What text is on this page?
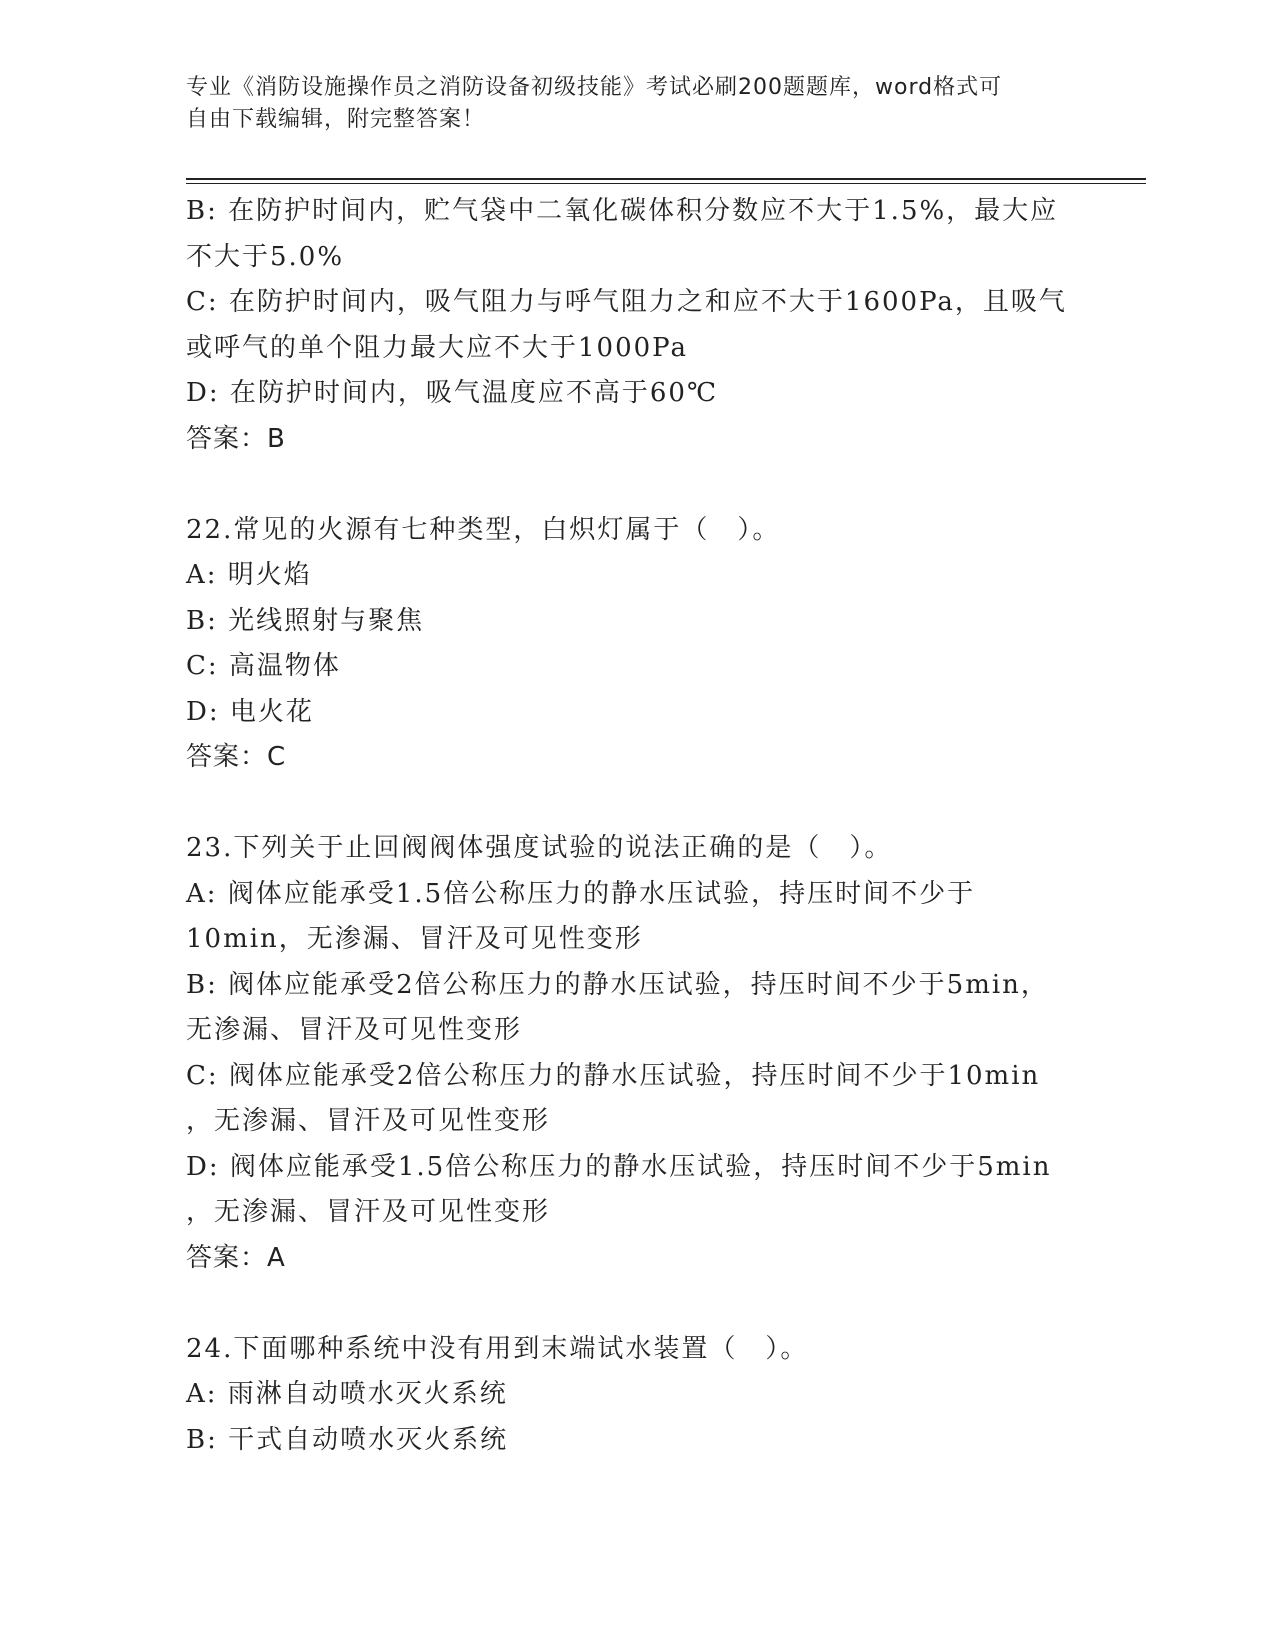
专业《消防设施操作员之消防设备初级技能》考试必刷200题题库，word格式可
自由下载编辑，附完整答案！
B: 在防护时间内，贮气袋中二氧化碳体积分数应不大于1.5%，最大应
不大于5.0%
C: 在防护时间内，吸气阻力与呼气阻力之和应不大于1600Pa，且吸气
或呼气的单个阻力最大应不大于1000Pa
D: 在防护时间内，吸气温度应不高于60℃
答案：B
22.常见的火源有七种类型，白炽灯属于（　）。
A: 明火焰
B: 光线照射与聚焦
C: 高温物体
D: 电火花
答案：C
23.下列关于止回阀阀体强度试验的说法正确的是（　）。
A: 阀体应能承受1.5倍公称压力的静水压试验，持压时间不少于
10min，无渗漏、冒汗及可见性变形
B: 阀体应能承受2倍公称压力的静水压试验，持压时间不少于5min，
无渗漏、冒汗及可见性变形
C: 阀体应能承受2倍公称压力的静水压试验，持压时间不少于10min
，无渗漏、冒汗及可见性变形
D: 阀体应能承受1.5倍公称压力的静水压试验，持压时间不少于5min
，无渗漏、冒汗及可见性变形
答案：A
24.下面哪种系统中没有用到末端试水装置（　）。
A: 雨淋自动喷水灭火系统
B: 干式自动喷水灭火系统
